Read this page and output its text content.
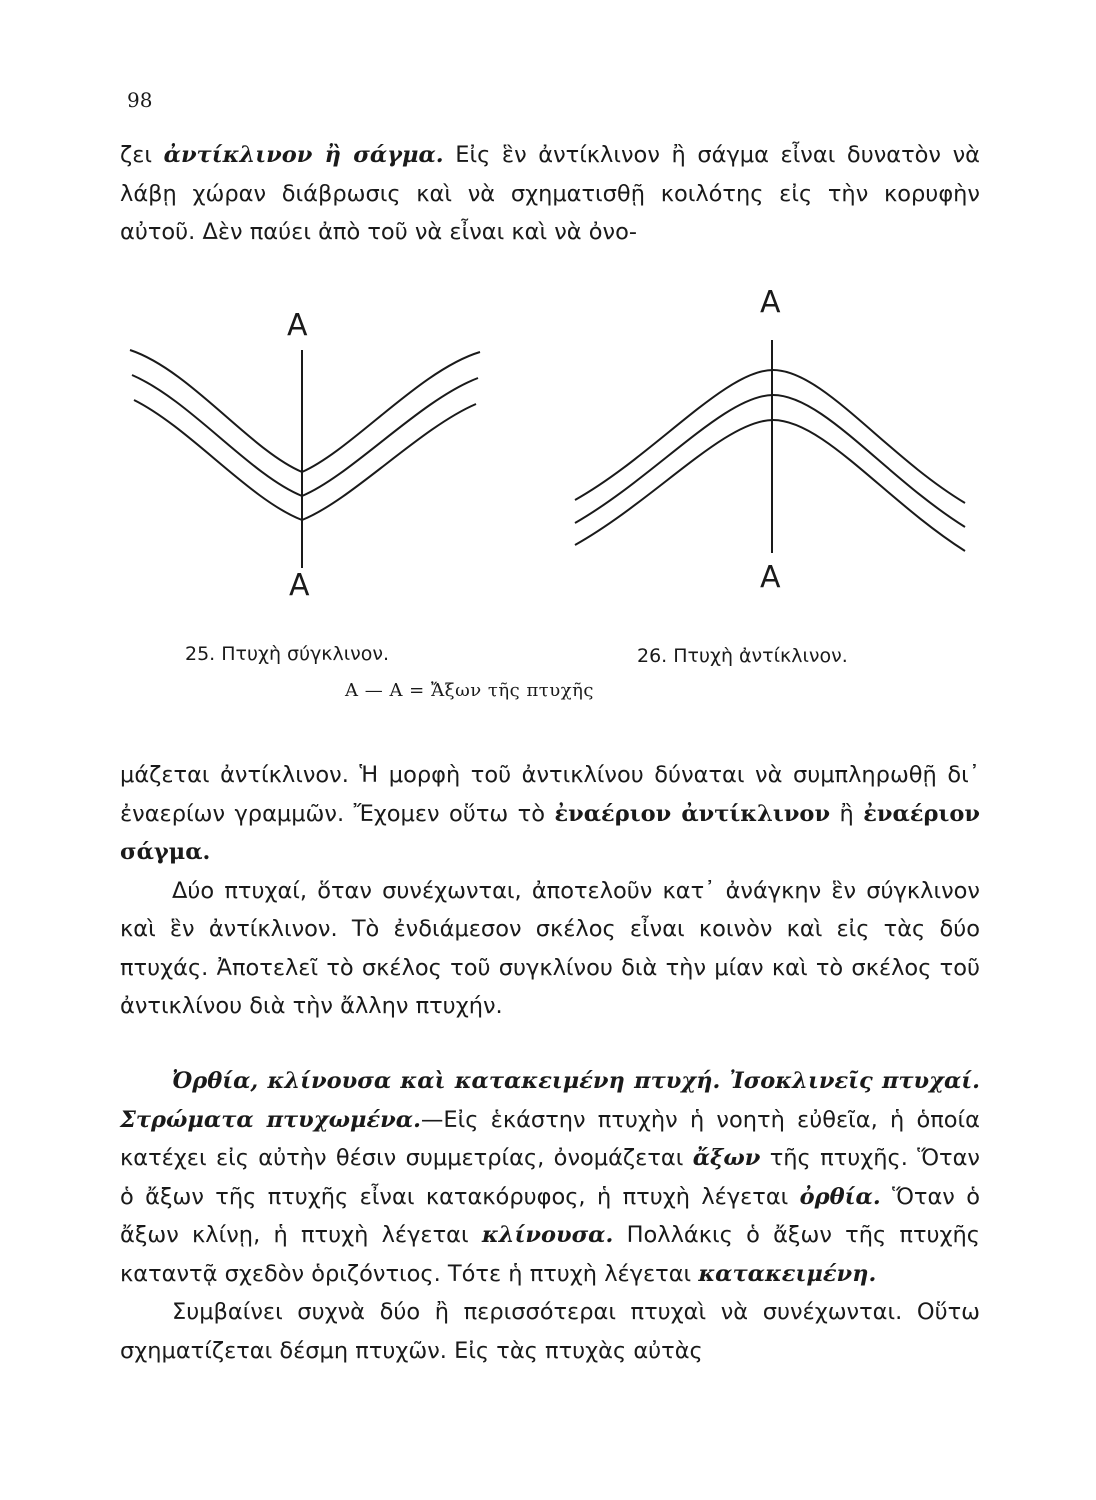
98

ζει ἀντίκλινον ἢ σάγμα. Εἰς ἓν ἀντίκλινον ἢ σάγμα εἶναι δυνατὸν νὰ λάβῃ χώραν διάβρωσις καὶ νὰ σχηματισθῇ κοιλότης εἰς τὴν κορυφὴν αὐτοῦ. Δὲν παύει ἀπὸ τοῦ νὰ εἶναι καὶ νὰ ὀνο-

A
A
A
A
25. Πτυχὴ σύγκλινον.	26. Πτυχὴ ἀντίκλινον.
Α — Α = Ἄξων τῆς πτυχῆς

μάζεται ἀντίκλινον. Ἡ μορφὴ τοῦ ἀντικλίνου δύναται νὰ συμπληρωθῇ δι᾽ ἐναερίων γραμμῶν. Ἔχομεν οὕτω τὸ ἐναέριον ἀντίκλινον ἢ ἐναέριον σάγμα.

Δύο πτυχαί, ὅταν συνέχωνται, ἀποτελοῦν κατ᾽ ἀνάγκην ἓν σύγκλινον καὶ ἓν ἀντίκλινον. Τὸ ἐνδιάμεσον σκέλος εἶναι κοινὸν καὶ εἰς τὰς δύο πτυχάς. Ἀποτελεῖ τὸ σκέλος τοῦ συγκλίνου διὰ τὴν μίαν καὶ τὸ σκέλος τοῦ ἀντικλίνου διὰ τὴν ἄλλην πτυχήν.

Ὀρθία, κλίνουσα καὶ κατακειμένη πτυχή. Ἰσοκλινεῖς πτυχαί. Στρώματα πτυχωμένα.—Εἰς ἑκάστην πτυχὴν ἡ νοητὴ εὐθεῖα, ἡ ὁποία κατέχει εἰς αὐτὴν θέσιν συμμετρίας, ὀνομάζεται ἄξων τῆς πτυχῆς. Ὅταν ὁ ἄξων τῆς πτυχῆς εἶναι κατακόρυφος, ἡ πτυχὴ λέγεται ὀρθία. Ὅταν ὁ ἄξων κλίνῃ, ἡ πτυχὴ λέγεται κλίνουσα. Πολλάκις ὁ ἄξων τῆς πτυχῆς καταντᾷ σχεδὸν ὁριζόντιος. Τότε ἡ πτυχὴ λέγεται κατακειμένη.

Συμβαίνει συχνὰ δύο ἢ περισσότεραι πτυχαὶ νὰ συνέχωνται. Οὕτω σχηματίζεται δέσμη πτυχῶν. Εἰς τὰς πτυχὰς αὐτὰς
